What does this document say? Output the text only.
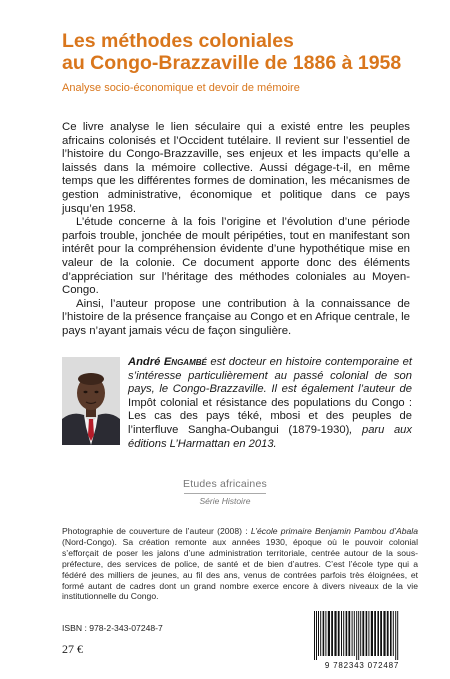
Les méthodes coloniales
au Congo-Brazzaville de 1886 à 1958
Analyse socio-économique et devoir de mémoire

Ce livre analyse le lien séculaire qui a existé entre les peuples africains colonisés et l’Occident tutélaire. Il revient sur l’essentiel de l’histoire du Congo-Brazzaville, ses enjeux et les impacts qu’elle a laissés dans la mémoire collective. Aussi dégage-t-il, en même temps que les différentes formes de domination, les mécanismes de gestion administrative, économique et politique dans ce pays jusqu’en 1958.

L’étude concerne à la fois l’origine et l’évolution d’une période parfois trouble, jonchée de moult péripéties, tout en manifestant son intérêt pour la compréhension évidente d’une hypothétique mise en valeur de la colonie. Ce document apporte donc des éléments d’appréciation sur l’héritage des méthodes coloniales au Moyen-Congo.

Ainsi, l’auteur propose une contribution à la connaissance de l’histoire de la présence française au Congo et en Afrique centrale, le pays n’ayant jamais vécu de façon singulière.

André Engambé est docteur en histoire contemporaine et s’intéresse particulièrement au passé colonial de son pays, le Congo-Brazzaville. Il est également l’auteur de Impôt colonial et résistance des populations du Congo : Les cas des pays téké, mbosi et des peuples de l’interfluve Sangha-Oubangui (1879-1930), paru aux éditions L’Harmattan en 2013.
Etudes africaines
Série Histoire
Photographie de couverture de l’auteur (2008) : L’école primaire Benjamin Pambou d’Abala (Nord-Congo). Sa création remonte aux années 1930, époque où le pouvoir colonial s’efforçait de poser les jalons d’une administration territoriale, centrée autour de la sous-préfecture, des services de police, de santé et de bien d’autres. C’est l’école type qui a fédéré des milliers de jeunes, au fil des ans, venus de contrées parfois très éloignées, et formé autant de cadres dont un grand nombre exerce encore à divers niveaux de la vie institutionnelle du Congo.
ISBN : 978-2-343-07248-7
27 €
9 782343 072487
